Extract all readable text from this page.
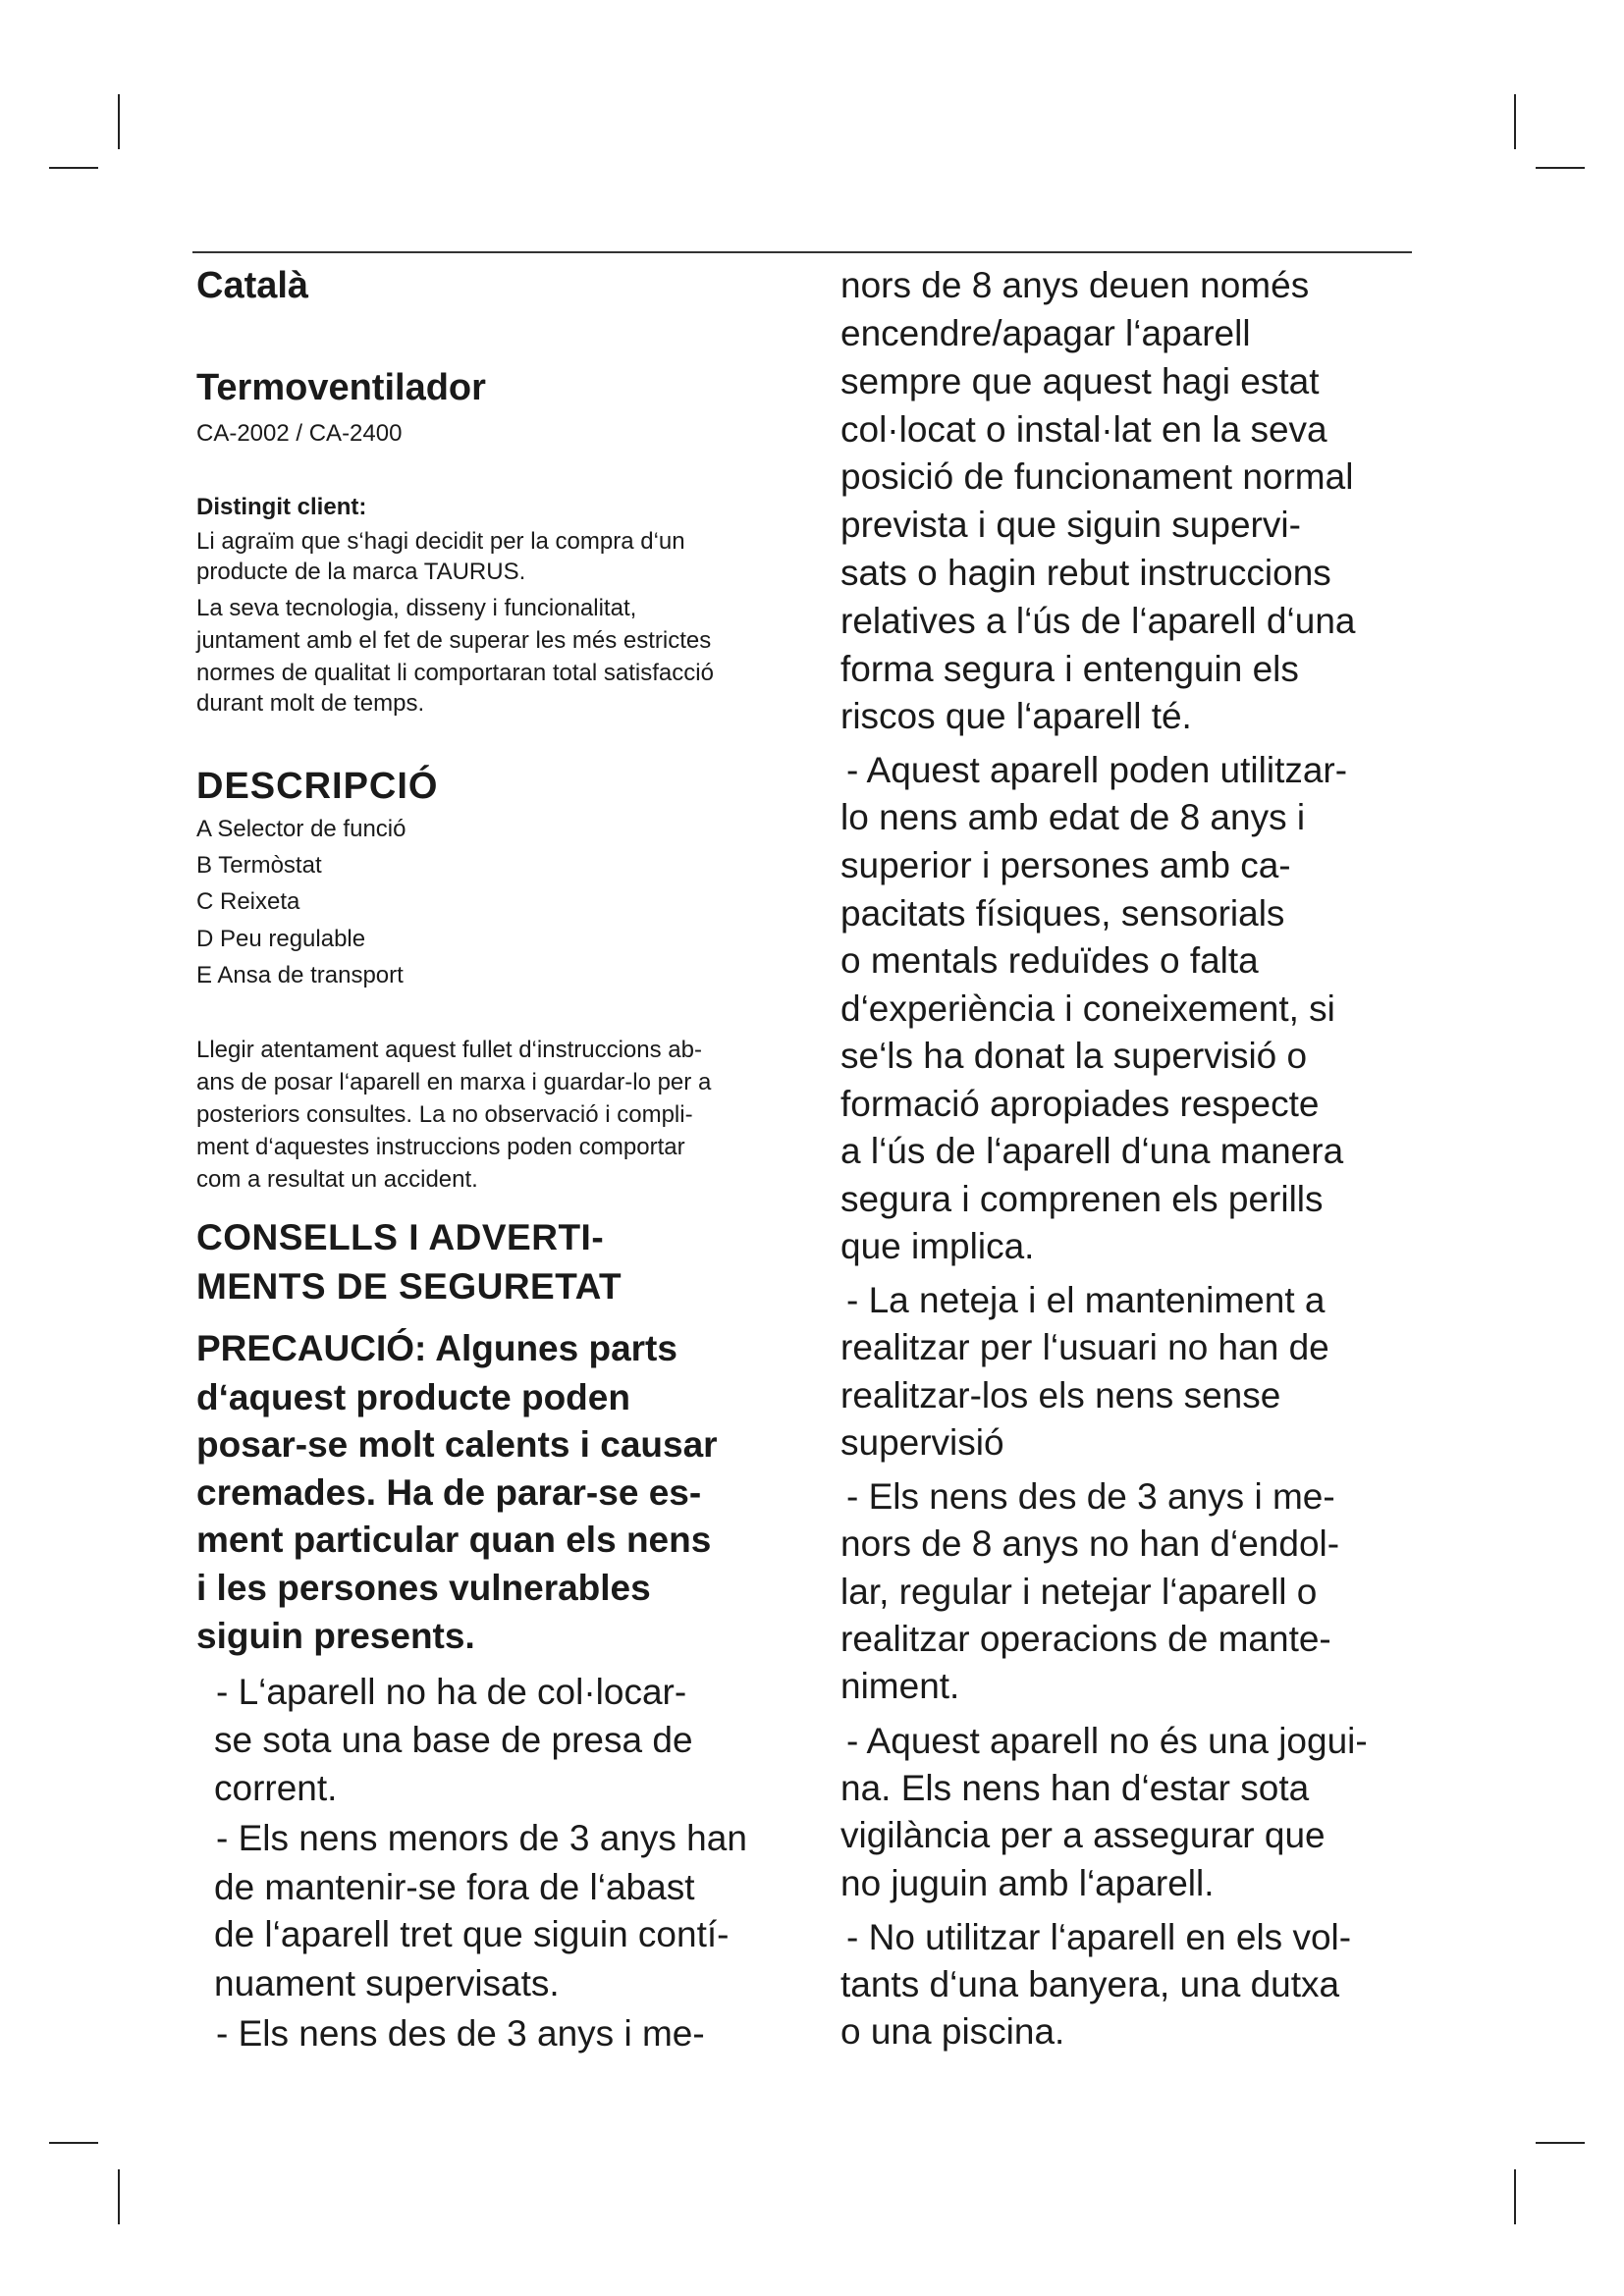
Català

Termoventilador

CA-2002 / CA-2400

Distingit client:

Li agraïm que s‘hagi decidit per la compra d‘un

producte de la marca TAURUS.

La seva tecnologia, disseny i funcionalitat,

juntament amb el fet de superar les més estrictes

normes de qualitat li comportaran total satisfacció

durant molt de temps.

DESCRIPCIÓ

A Selector de funció

B Termòstat

C Reixeta

D Peu regulable

E Ansa de transport

Llegir atentament aquest fullet d‘instruccions ab-

ans de posar l‘aparell en marxa i guardar-lo per a

posteriors consultes. La no observació i compli-

ment d‘aquestes instruccions poden comportar

com a resultat un accident.

CONSELLS I ADVERTI-

MENTS DE SEGURETAT

PRECAUCIÓ: Algunes parts

d‘aquest producte poden

posar-se molt calents i causar

cremades. Ha de parar-se es-

ment particular quan els nens

i les persones vulnerables

siguin presents.

- L‘aparell no ha de col·locar-

se sota una base de presa de

corrent.

- Els nens menors de 3 anys han

de mantenir-se fora de l‘abast

de l‘aparell tret que siguin contí-

nuament supervisats.

- Els nens des de 3 anys i me-

nors de 8 anys deuen només

encendre/apagar l‘aparell

sempre que aquest hagi estat

col·locat o instal·lat en la seva

posició de funcionament normal

prevista i que siguin supervi-

sats o hagin rebut instruccions

relatives a l‘ús de l‘aparell d‘una

forma segura i entenguin els

riscos que l‘aparell té.

- Aquest aparell poden utilitzar-

lo nens amb edat de 8 anys i

superior i persones amb ca-

pacitats físiques, sensorials

o mentals reduïdes o falta

d‘experiència i coneixement, si

se‘ls ha donat la supervisió o

formació apropiades respecte

a l‘ús de l‘aparell d‘una manera

segura i comprenen els perills

que implica.

- La neteja i el manteniment a

realitzar per l‘usuari no han de

realitzar-los els nens sense

supervisió

- Els nens des de 3 anys i me-

nors de 8 anys no han d‘endol-

lar, regular i netejar l‘aparell o

realitzar operacions de mante-

niment.

- Aquest aparell no és una jogui-

na. Els nens han d‘estar sota

vigilància per a assegurar que

no juguin amb l‘aparell.

- No utilitzar l‘aparell en els vol-

tants d‘una banyera, una dutxa

o una piscina.
